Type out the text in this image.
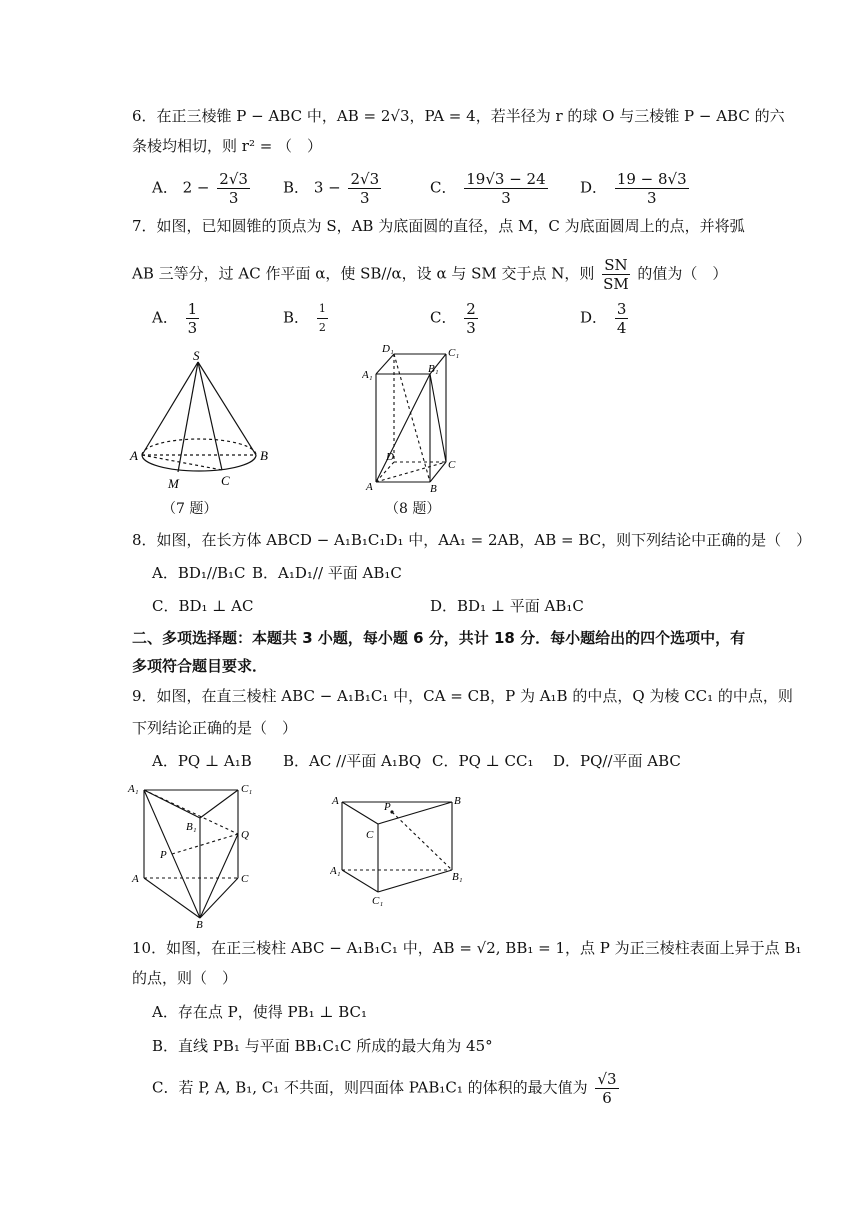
6．在正三棱锥 P − ABC 中，AB = 2√3，PA = 4，若半径为 r 的球 O 与三棱锥 P − ABC 的六
条棱均相切，则 r² = （　）
A． $2 - \frac{2√3}{3}$ B． $3 - \frac{2√3}{3}$	C． $\frac{19√3 - 24}{3}$ D． $\frac{19 - 8√3}{3}$
7．如图，已知圆锥的顶点为 S，AB 为底面圆的直径，点 M，C 为底面圆周上的点，并将弧
AB 三等分，过 AC 作平面 α，使 SB//α，设 α 与 SM 交于点 N，则 $\frac{SN}{SM}$ 的值为（　）
A． $\frac{1}{3}$	B． $\frac{1}{2}$	C． $\frac{2}{3}$	D． $\frac{3}{4}$
S
A	B
M	C
（7 题）
D₁	C₁
A₁	B₁
D
C
A	B
（8 题）
8．如图，在长方体 ABCD − A₁B₁C₁D₁ 中，AA₁ = 2AB，AB = BC，则下列结论中正确的是（　）
A．BD₁//B₁C B．A₁D₁// 平面 AB₁C
C．BD₁ ⊥ AC	D．BD₁ ⊥ 平面 AB₁C
二、多项选择题：本题共 3 小题，每小题 6 分，共计 18 分．每小题给出的四个选项中，有
多项符合题目要求．
9．如图，在直三棱柱 ABC − A₁B₁C₁ 中，CA = CB，P 为 A₁B 的中点，Q 为棱 CC₁ 的中点，则
下列结论正确的是（　）
A．PQ ⊥ A₁B B．AC //平面 A₁BQ C．PQ ⊥ CC₁ D．PQ//平面 ABC
A₁	C₁
B₁
Q
P
A	C
B
A	B
P
C
A₁	B₁
C₁
10．如图，在正三棱柱 ABC − A₁B₁C₁ 中，AB = √2, BB₁ = 1，点 P 为正三棱柱表面上异于点 B₁
的点，则（　）
A．存在点 P，使得 PB₁ ⊥ BC₁
B．直线 PB₁ 与平面 BB₁C₁C 所成的最大角为 45°
C．若 P, A, B₁, C₁ 不共面，则四面体 PAB₁C₁ 的体积的最大值为 $\frac{√3}{6}$
